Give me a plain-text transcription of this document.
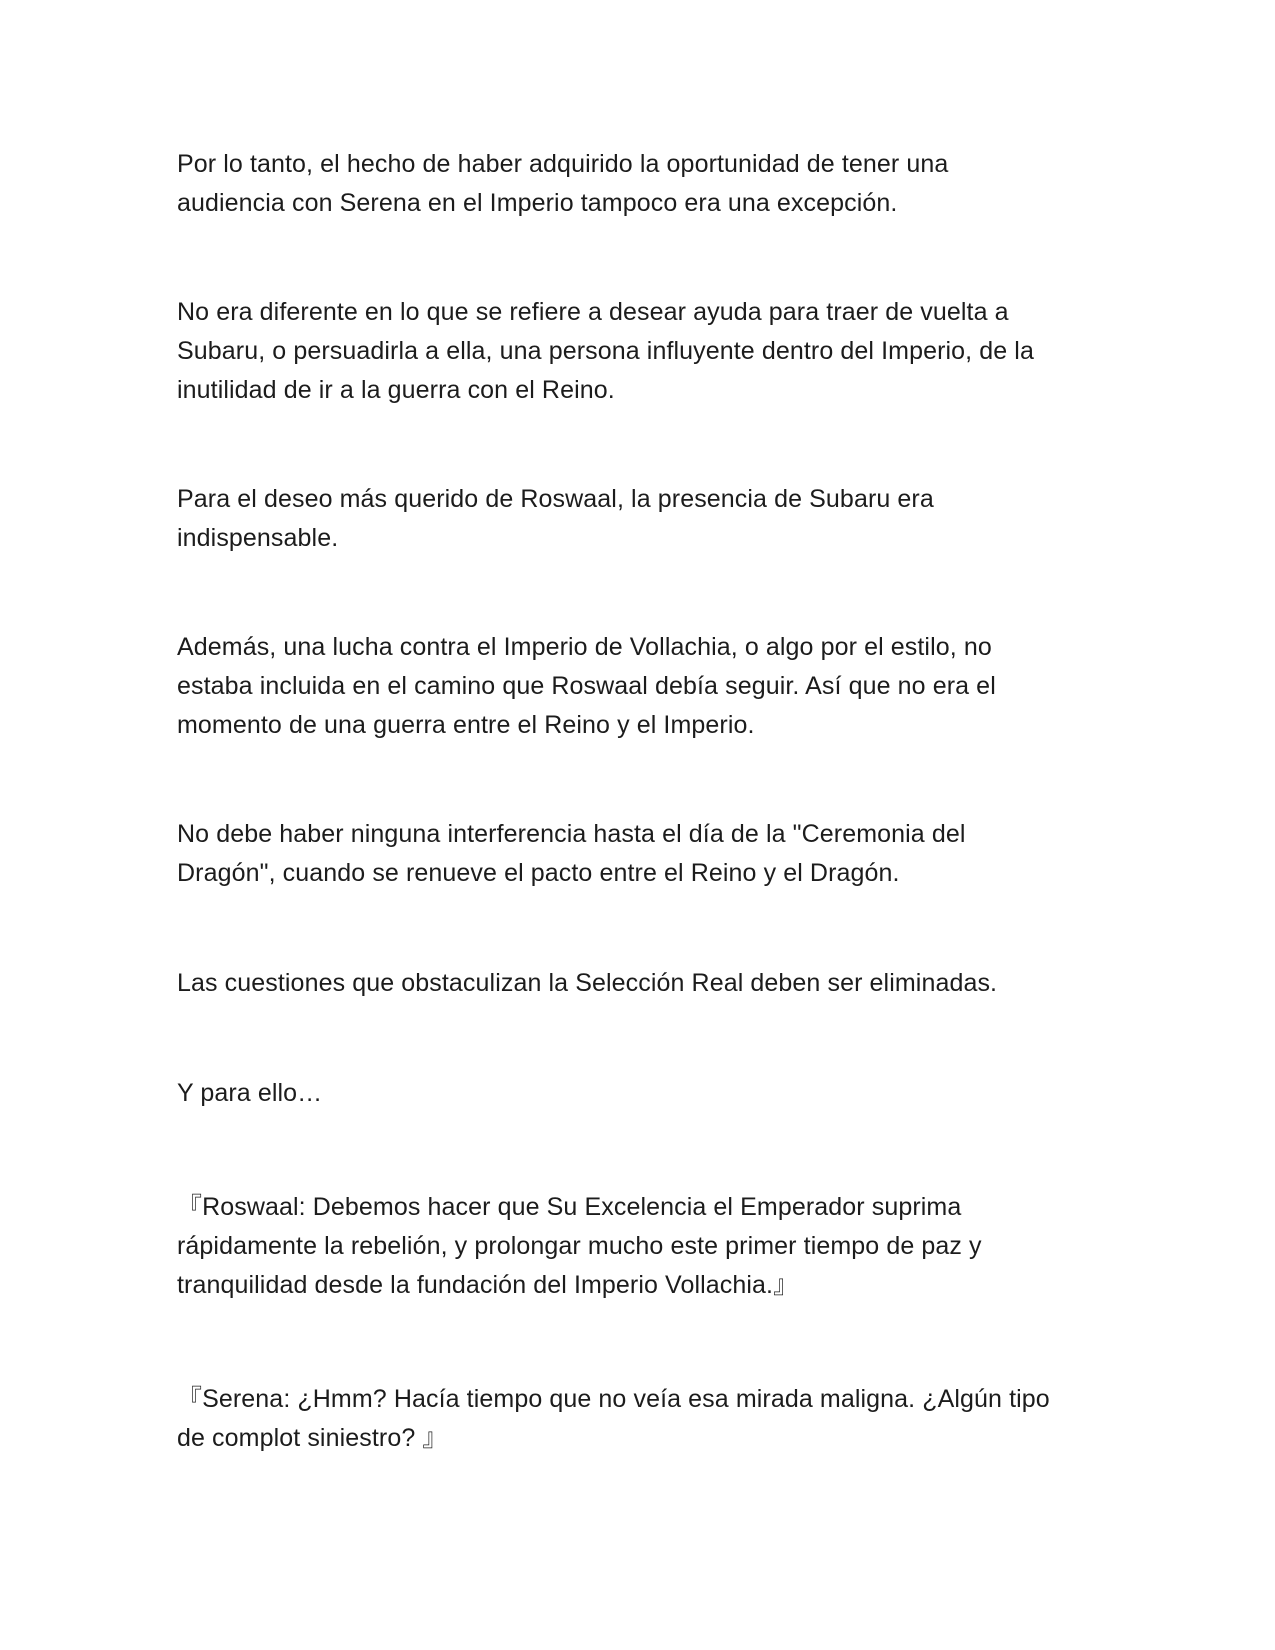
Por lo tanto, el hecho de haber adquirido la oportunidad de tener una
audiencia con Serena en el Imperio tampoco era una excepción.

No era diferente en lo que se refiere a desear ayuda para traer de vuelta a
Subaru, o persuadirla a ella, una persona influyente dentro del Imperio, de la
inutilidad de ir a la guerra con el Reino.

Para el deseo más querido de Roswaal, la presencia de Subaru era
indispensable.

Además, una lucha contra el Imperio de Vollachia, o algo por el estilo, no
estaba incluida en el camino que Roswaal debía seguir. Así que no era el
momento de una guerra entre el Reino y el Imperio.

No debe haber ninguna interferencia hasta el día de la "Ceremonia del
Dragón", cuando se renueve el pacto entre el Reino y el Dragón.

Las cuestiones que obstaculizan la Selección Real deben ser eliminadas.

Y para ello…

『Roswaal: Debemos hacer que Su Excelencia el Emperador suprima
rápidamente la rebelión, y prolongar mucho este primer tiempo de paz y
tranquilidad desde la fundación del Imperio Vollachia.』

『Serena: ¿Hmm? Hacía tiempo que no veía esa mirada maligna. ¿Algún tipo
de complot siniestro? 』
